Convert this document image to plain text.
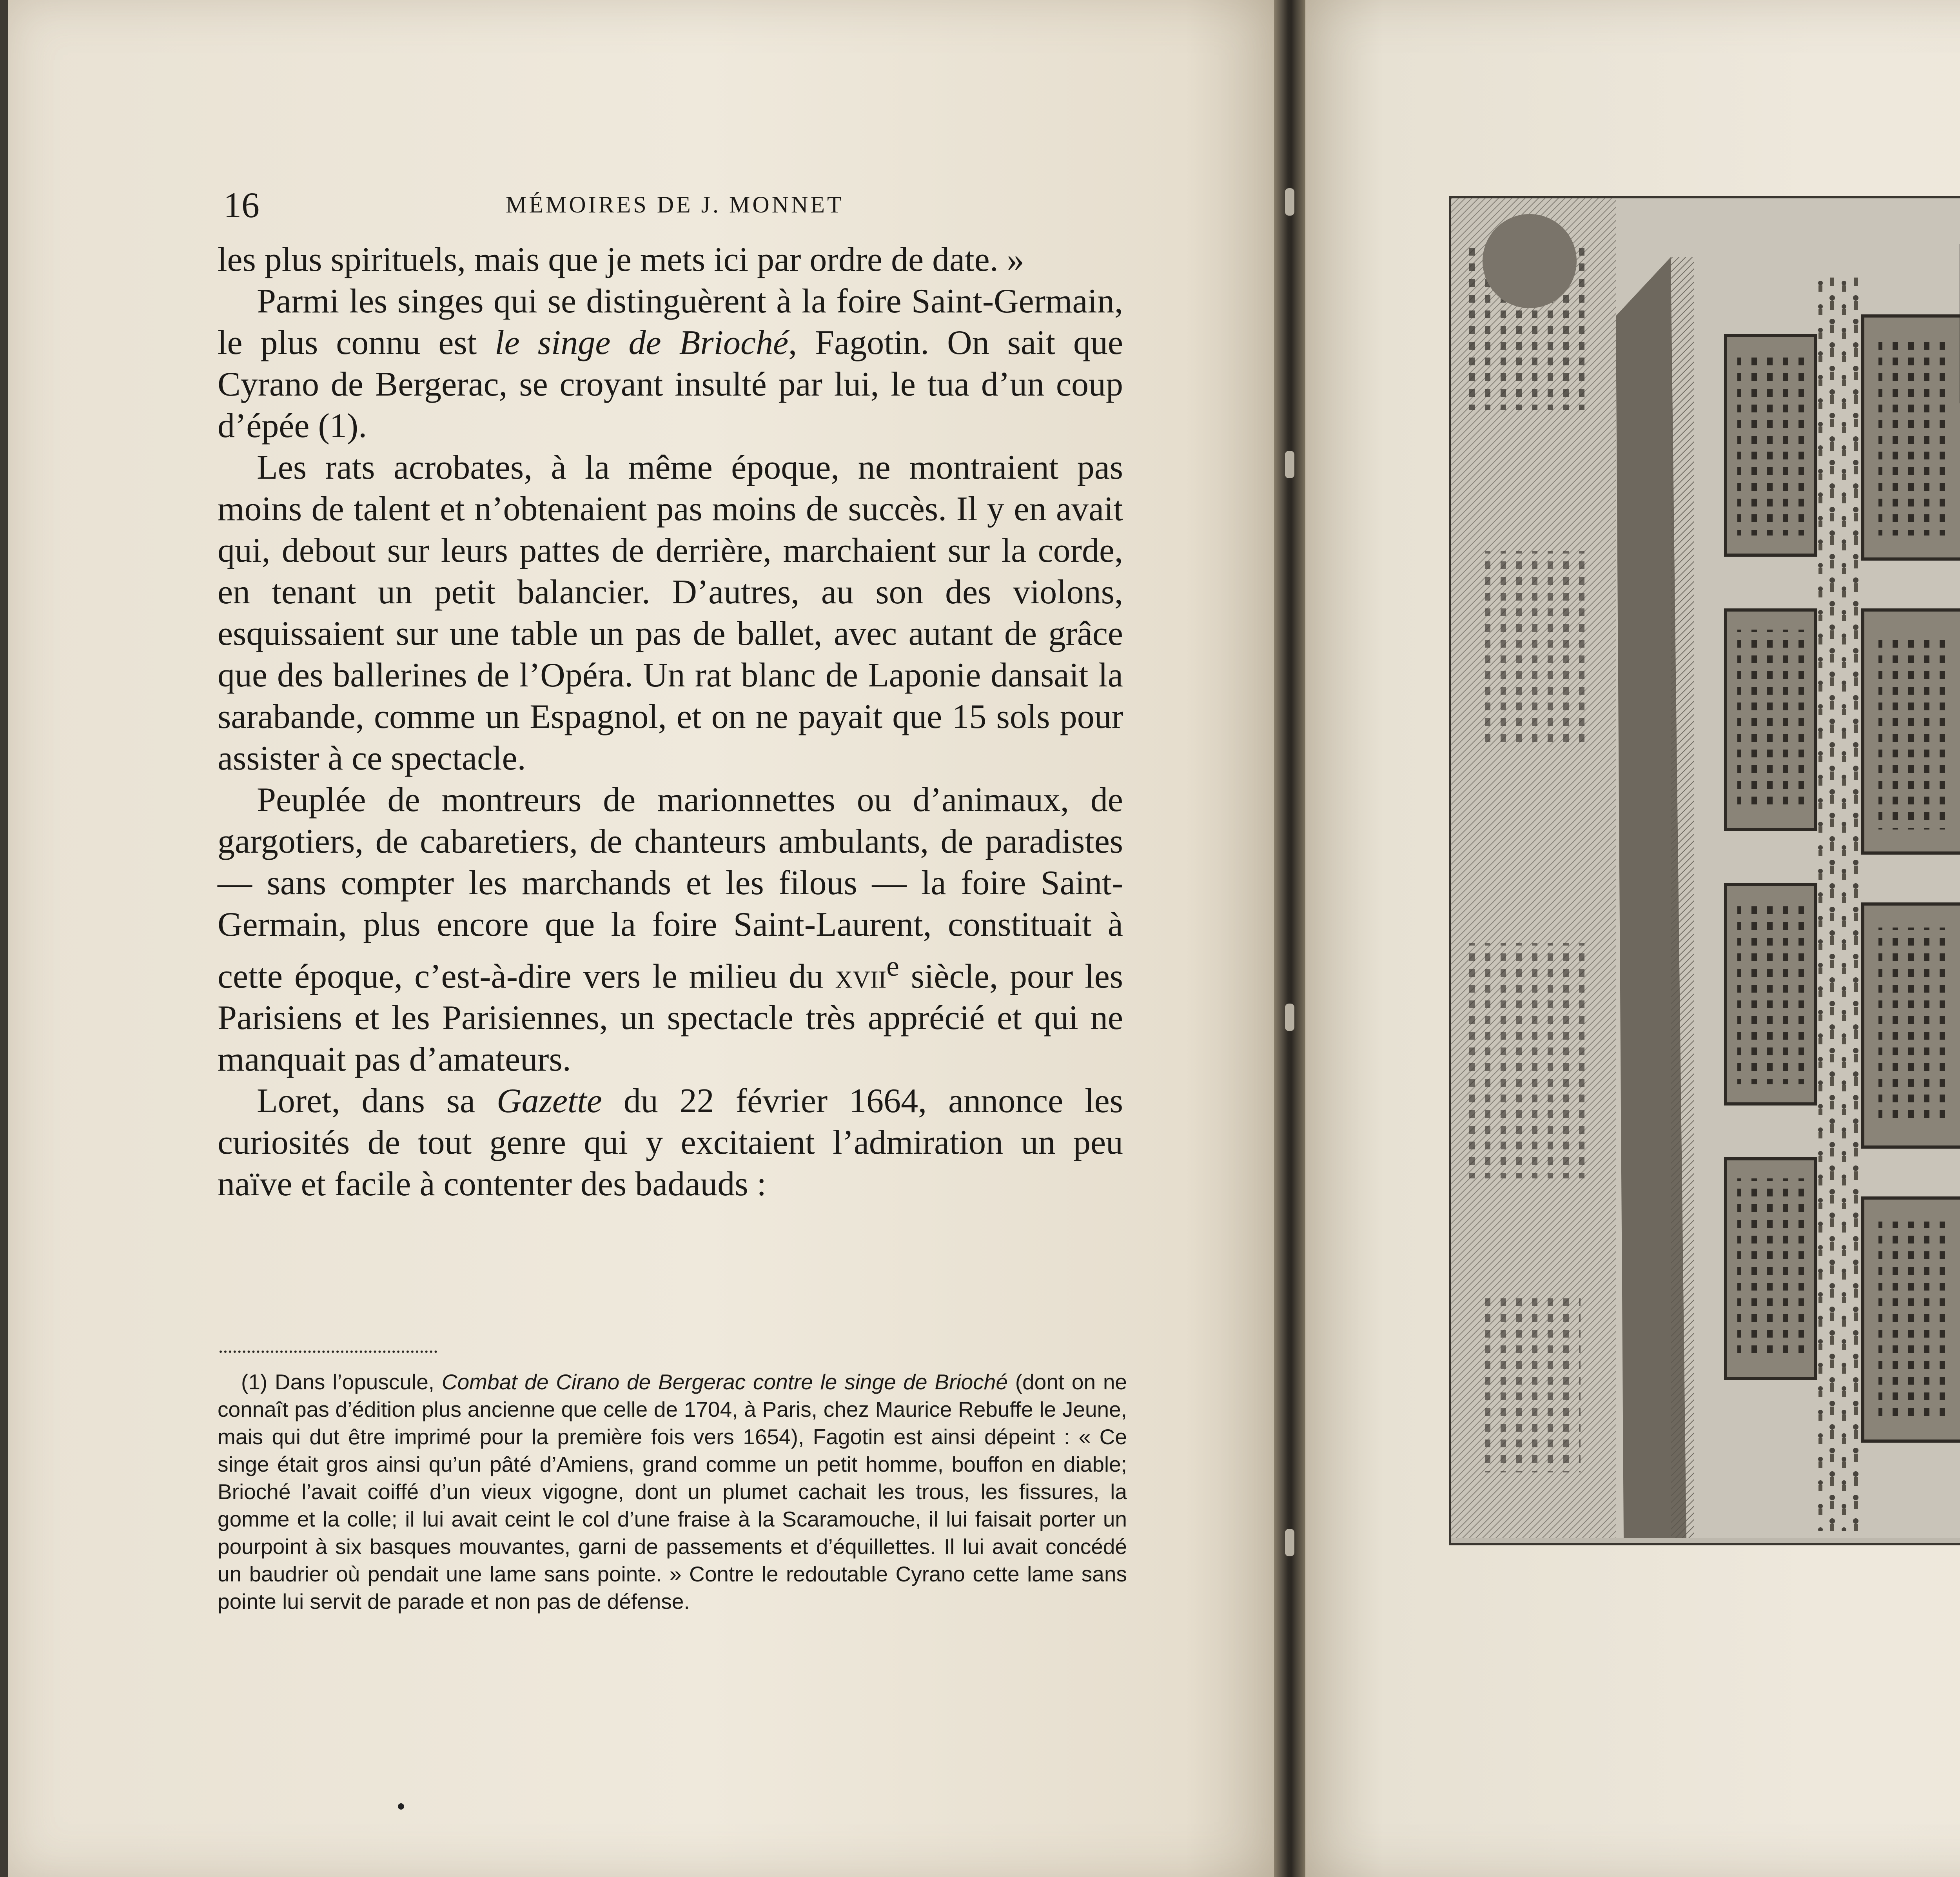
16	MÉMOIRES DE J. MONNET

les plus spirituels, mais que je mets ici par ordre de date. »

Parmi les singes qui se distinguèrent à la foire Saint-Germain, le plus connu est le singe de Brioché, Fagotin. On sait que Cyrano de Bergerac, se croyant insulté par lui, le tua d’un coup d’épée (1).

Les rats acrobates, à la même époque, ne montraient pas moins de talent et n’obtenaient pas moins de succès. Il y en avait qui, debout sur leurs pattes de derrière, marchaient sur la corde, en tenant un petit balancier. D’autres, au son des violons, esquissaient sur une table un pas de ballet, avec autant de grâce que des ballerines de l’Opéra. Un rat blanc de Laponie dansait la sarabande, comme un Espagnol, et on ne payait que 15 sols pour assister à ce spectacle.

Peuplée de montreurs de marionnettes ou d’animaux, de gargotiers, de cabaretiers, de chanteurs ambulants, de paradistes — sans compter les marchands et les filous — la foire Saint-Germain, plus encore que la foire Saint-Laurent, constituait à cette époque, c’est-à-dire vers le milieu du xvii$^e$ siècle, pour les Parisiens et les Parisiennes, un spectacle très apprécié et qui ne manquait pas d’amateurs.

Loret, dans sa Gazette du 22 février 1664, annonce les curiosités de tout genre qui y excitaient l’admiration un peu naïve et facile à contenter des badauds :

(1) Dans l’opuscule, Combat de Cirano de Bergerac contre le singe de Brioché (dont on ne connaît pas d’édition plus ancienne que celle de 1704, à Paris, chez Maurice Rebuffe le Jeune, mais qui dut être imprimé pour la première fois vers 1654), Fagotin est ainsi dépeint : « Ce singe était gros ainsi qu’un pâté d’Amiens, grand comme un petit homme, bouffon en diable; Brioché l’avait coiffé d’un vieux vigogne, dont un plumet cachait les trous, les fissures, la gomme et la colle; il lui avait ceint le col d’une fraise à la Scaramouche, il lui faisait porter un pourpoint à six basques mouvantes, garni de passements et d’équillettes. Il lui avait concédé un baudrier où pendait une lame sans pointe. » Contre le redoutable Cyrano cette lame sans pointe lui servit de parade et non pas de défense.
